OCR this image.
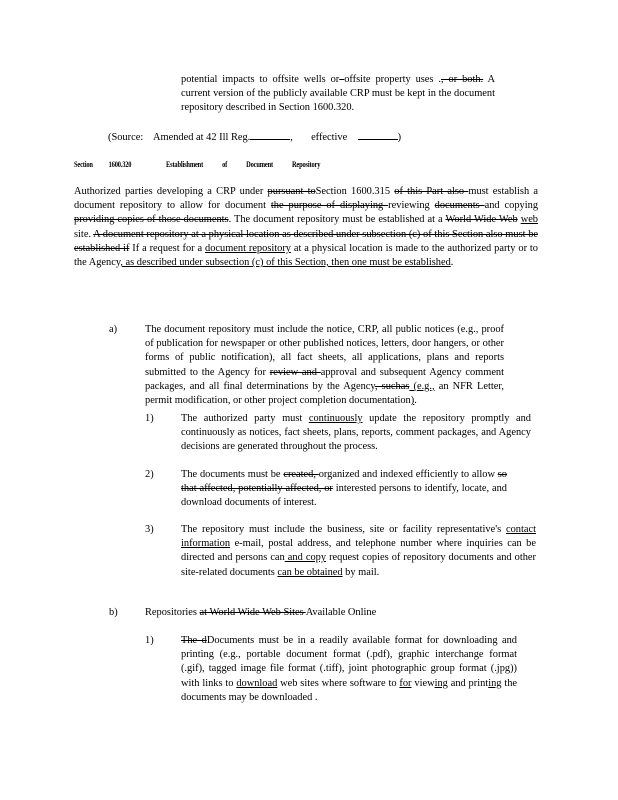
potential impacts to offsite wells or offsite property uses ., or both. A current version of the publicly available CRP must be kept in the document repository described in Section 1600.320.
(Source: Amended at 42 Ill Reg.	,       effective	)
Section 1600.320	Establishment of Document Repository
Authorized parties developing a CRP under pursuant toSection 1600.315 of this Part also must establish a document repository to allow for document the purpose of displaying reviewing documents and copying providing copies of those documents. The document repository must be established at a World Wide Web web site. A document repository at a physical location as described under subsection (c) of this Section also must be established if If a request for a document repository at a physical location is made to the authorized party or to the Agency, as described under subsection (c) of this Section, then one must be established.
a)	The document repository must include the notice, CRP, all public notices (e.g., proof of publication for newspaper or other published notices, letters, door hangers, or other forms of public notification), all fact sheets, all applications, plans and reports submitted to the Agency for review and approval and subsequent Agency comment packages, and all final determinations by the Agency, suchas (e.g., an NFR Letter, permit modification, or other project completion documentation).
1)	The authorized party must continuously update the repository promptly and continuously as notices, fact sheets, plans, reports, comment packages, and Agency decisions are generated throughout the process.
2)	The documents must be created, organized and indexed efficiently to allow so that affected, potentially affected, or interested persons to identify, locate, and download documents of interest.
3)	The repository must include the business, site or facility representative's contact information e-mail, postal address, and telephone number where inquiries can be directed and persons can and copy request copies of repository documents and other site-related documents can be obtained by mail.
b)	Repositories at World Wide Web Sites Available Online
1)	The dDocuments must be in a readily available format for downloading and printing (e.g., portable document format (.pdf), graphic interchange format (.gif), tagged image file format (.tiff), joint photographic group format (.jpg)) with links to download web sites where software to for viewing and printing the documents may be downloaded .
